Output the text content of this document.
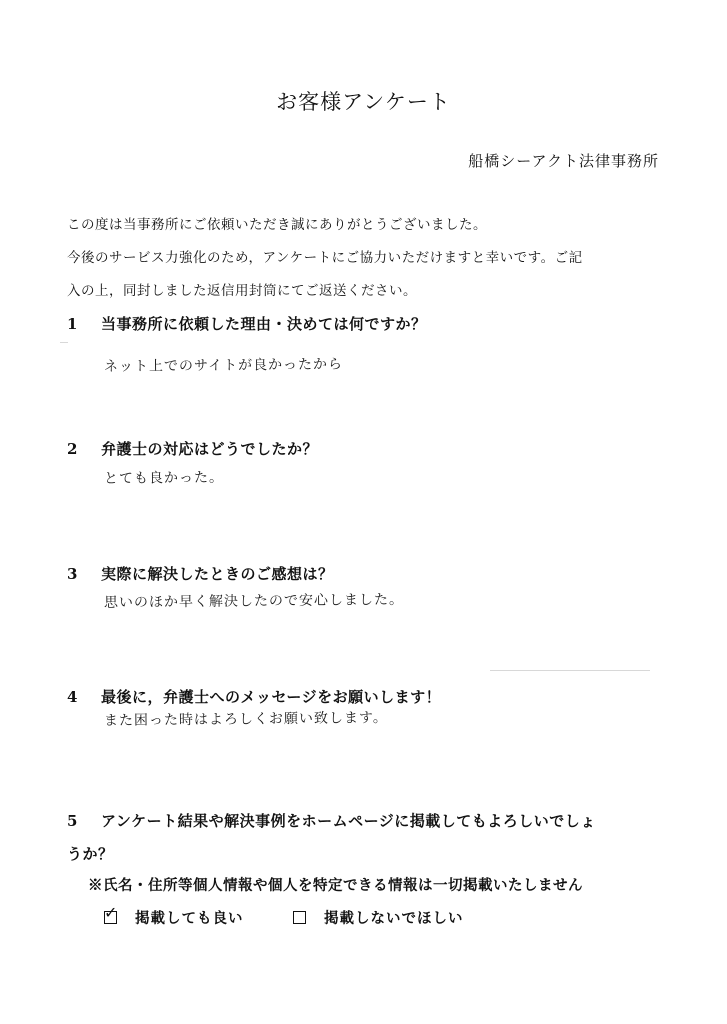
お客様アンケート
船橋シーアクト法律事務所
この度は当事務所にご依頼いただき誠にありがとうございました。
今後のサービス力強化のため，アンケートにご協力いただけますと幸いです。ご記
入の上，同封しました返信用封筒にてご返送ください。
1 当事務所に依頼した理由・決めては何ですか？
ネット上でのサイトが良かったから
2 弁護士の対応はどうでしたか？
とても良かった。
3 実際に解決したときのご感想は？
思いのほか早く解決したので安心しました。
4 最後に，弁護士へのメッセージをお願いします！
また困った時はよろしくお願い致します。
5 アンケート結果や解決事例をホームページに掲載してもよろしいでしょ
うか？
※氏名・住所等個人情報や個人を特定できる情報は一切掲載いたしません
✓ 掲載しても良い	掲載しないでほしい
